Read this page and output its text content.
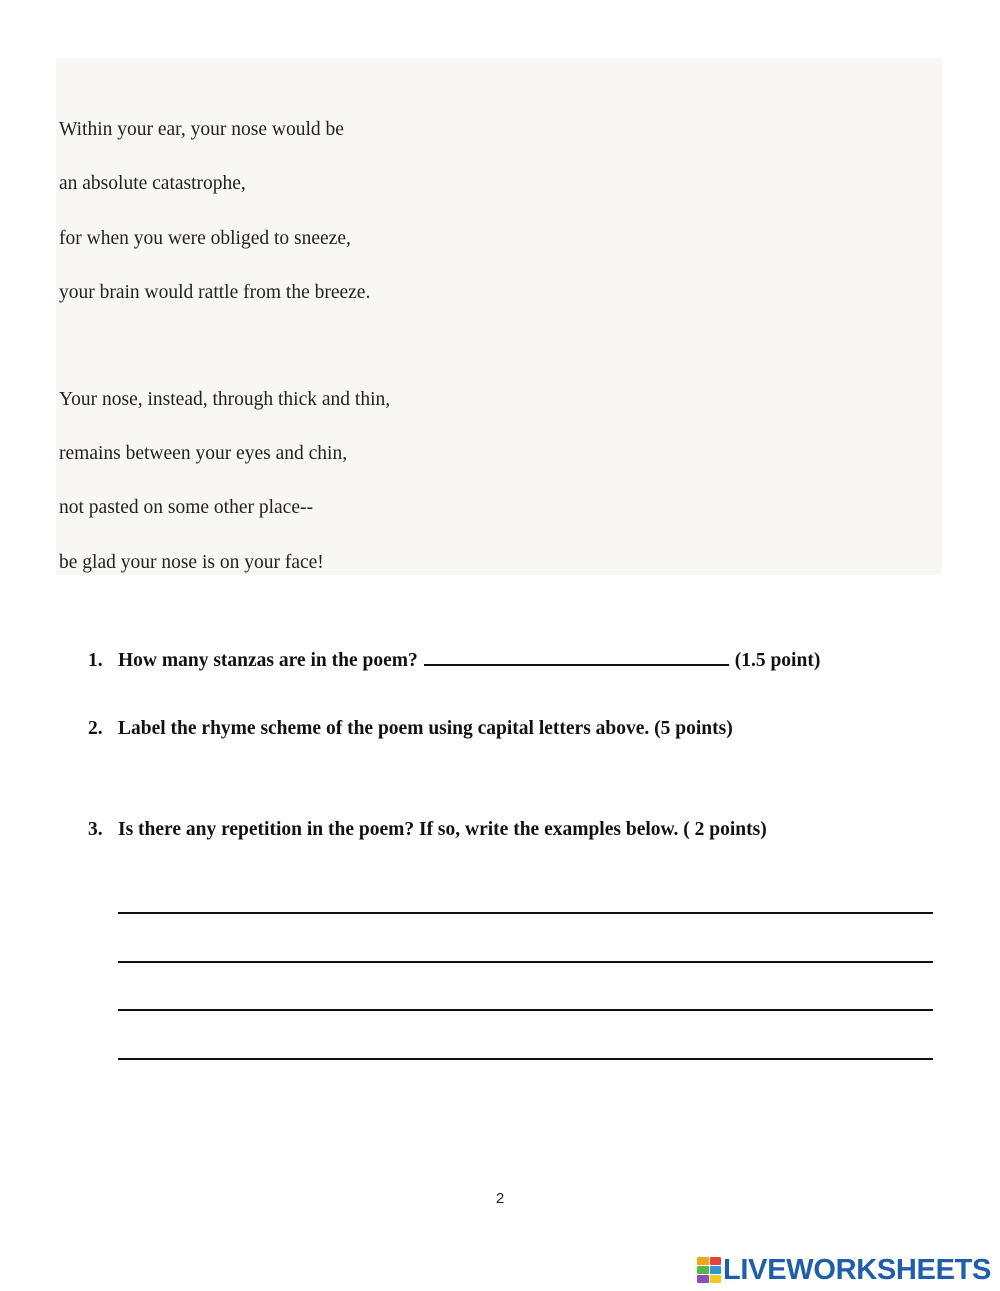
Within your ear, your nose would be
an absolute catastrophe,
for when you were obliged to sneeze,
your brain would rattle from the breeze.
Your nose, instead, through thick and thin,
remains between your eyes and chin,
not pasted on some other place--
be glad your nose is on your face!
1. How many stanzas are in the poem?	(1.5 point)
2. Label the rhyme scheme of the poem using capital letters above. (5 points)
3. Is there any repetition in the poem? If so, write the examples below. ( 2 points)
2
LIVEWORKSHEETS
